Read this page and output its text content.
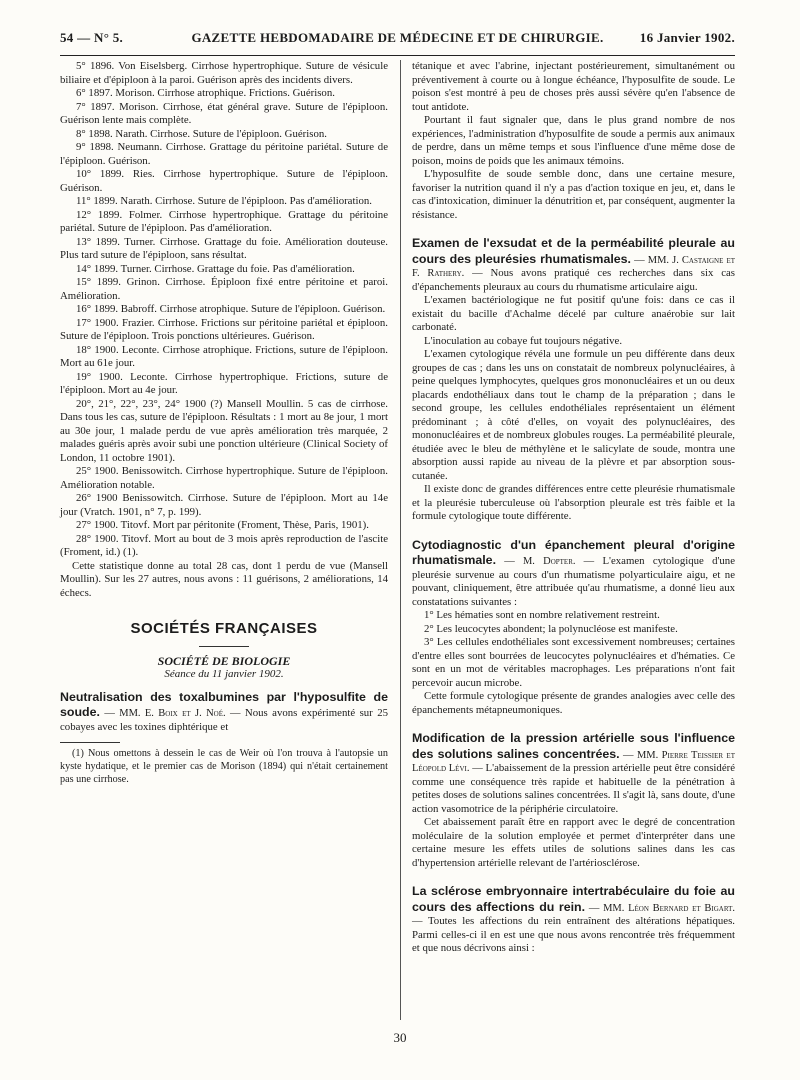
54 — N° 5.	GAZETTE HEBDOMADAIRE DE MÉDECINE ET DE CHIRURGIE.	16 Janvier 1902.

5° 1896. Von Eiselsberg. Cirrhose hypertrophique. Suture de vésicule biliaire et d'épiploon à la paroi. Guérison après des incidents divers.

6° 1897. Morison. Cirrhose atrophique. Frictions. Guérison.

7° 1897. Morison. Cirrhose, état général grave. Suture de l'épiploon. Guérison lente mais complète.

8° 1898. Narath. Cirrhose. Suture de l'épiploon. Guérison.

9° 1898. Neumann. Cirrhose. Grattage du péritoine pariétal. Suture de l'épiploon. Guérison.

10° 1899. Ries. Cirrhose hypertrophique. Suture de l'épiploon. Guérison.

11° 1899. Narath. Cirrhose. Suture de l'épiploon. Pas d'amélioration.

12° 1899. Folmer. Cirrhose hypertrophique. Grattage du péritoine pariétal. Suture de l'épiploon. Pas d'amélioration.

13° 1899. Turner. Cirrhose. Grattage du foie. Amélioration douteuse. Plus tard suture de l'épiploon, sans résultat.

14° 1899. Turner. Cirrhose. Grattage du foie. Pas d'amélioration.

15° 1899. Grinon. Cirrhose. Épiploon fixé entre péritoine et paroi. Amélioration.

16° 1899. Babroff. Cirrhose atrophique. Suture de l'épiploon. Guérison.

17° 1900. Frazier. Cirrhose. Frictions sur péritoine pariétal et épiploon. Suture de l'épiploon. Trois ponctions ultérieures. Guérison.

18° 1900. Leconte. Cirrhose atrophique. Frictions, suture de l'épiploon. Mort au 61e jour.

19° 1900. Leconte. Cirrhose hypertrophique. Frictions, suture de l'épiploon. Mort au 4e jour.

20°, 21°, 22°, 23°, 24° 1900 (?) Mansell Moullin. 5 cas de cirrhose. Dans tous les cas, suture de l'épiploon. Résultats : 1 mort au 8e jour, 1 mort au 30e jour, 1 malade perdu de vue après amélioration très marquée, 2 malades guéris après avoir subi une ponction ultérieure (Clinical Society of London, 11 octobre 1901).

25° 1900. Benissowitch. Cirrhose hypertrophique. Suture de l'épiploon. Amélioration notable.

26° 1900 Benissowitch. Cirrhose. Suture de l'épiploon. Mort au 14e jour (Vratch. 1901, n° 7, p. 199).

27° 1900. Titovf. Mort par péritonite (Froment, Thèse, Paris, 1901).

28° 1900. Titovf. Mort au bout de 3 mois après reproduction de l'ascite (Froment, id.) (1).

Cette statistique donne au total 28 cas, dont 1 perdu de vue (Mansell Moullin). Sur les 27 autres, nous avons : 11 guérisons, 2 améliorations, 14 échecs.

SOCIÉTÉS FRANÇAISES
SOCIÉTÉ DE BIOLOGIE
Séance du 11 janvier 1902.

Neutralisation des toxalbumines par l'hyposulfite de soude. — MM. E. Boix et J. Noé. — Nous avons expérimenté sur 25 cobayes avec les toxines diphtérique et

(1) Nous omettons à dessein le cas de Weir où l'on trouva à l'autopsie un kyste hydatique, et le premier cas de Morison (1894) qui n'était certainement pas une cirrhose.

tétanique et avec l'abrine, injectant postérieurement, simultanément ou préventivement à courte ou à longue échéance, l'hyposulfite de soude. Le poison s'est montré à peu de choses près aussi sévère qu'en l'absence de tout antidote.

Pourtant il faut signaler que, dans le plus grand nombre de nos expériences, l'administration d'hyposulfite de soude a permis aux animaux de perdre, dans un même temps et sous l'influence d'une même dose de poison, moins de poids que les animaux témoins.

L'hyposulfite de soude semble donc, dans une certaine mesure, favoriser la nutrition quand il n'y a pas d'action toxique en jeu, et, dans le cas d'intoxication, diminuer la dénutrition et, par conséquent, augmenter la résistance.

Examen de l'exsudat et de la perméabilité pleurale au cours des pleurésies rhumatismales. — MM. J. Castaigne et F. Rathery. — Nous avons pratiqué ces recherches dans six cas d'épanchements pleuraux au cours du rhumatisme articulaire aigu.

L'examen bactériologique ne fut positif qu'une fois: dans ce cas il existait du bacille d'Achalme décelé par culture anaérobie sur lait carbonaté.

L'inoculation au cobaye fut toujours négative.

L'examen cytologique révéla une formule un peu différente dans deux groupes de cas ; dans les uns on constatait de nombreux polynucléaires, à peine quelques lymphocytes, quelques gros mononucléaires et un ou deux placards endothéliaux dans tout le champ de la préparation ; dans le second groupe, les cellules endothéliales représentaient un élément prédominant ; à côté d'elles, on voyait des polynucléaires, des mononucléaires et de nombreux globules rouges. La perméabilité pleurale, étudiée avec le bleu de méthylène et le salicylate de soude, montra une absorption aussi rapide au niveau de la plèvre et par absorption sous-cutanée.

Il existe donc de grandes différences entre cette pleurésie rhumatismale et la pleurésie tuberculeuse où l'absorption pleurale est très faible et la formule cytologique toute différente.

Cytodiagnostic d'un épanchement pleural d'origine rhumatismale. — M. Dopter. — L'examen cytologique d'une pleurésie survenue au cours d'un rhumatisme polyarticulaire aigu, et ne pouvant, cliniquement, être attribuée qu'au rhumatisme, a donné lieu aux constatations suivantes :

1° Les hématies sont en nombre relativement restreint.

2° Les leucocytes abondent; la polynucléose est manifeste.

3° Les cellules endothéliales sont excessivement nombreuses; certaines d'entre elles sont bourrées de leucocytes polynucléaires et d'hématies. Ce sont en un mot de véritables macrophages. Les préparations n'ont fait percevoir aucun microbe.

Cette formule cytologique présente de grandes analogies avec celle des épanchements métapneumoniques.

Modification de la pression artérielle sous l'influence des solutions salines concentrées. — MM. Pierre Teissier et Léopold Lévi. — L'abaissement de la pression artérielle peut être considéré comme une conséquence très rapide et habituelle de la pénétration à petites doses de solutions salines concentrées. Il s'agit là, sans doute, d'une action vasomotrice de la périphérie circulatoire.

Cet abaissement paraît être en rapport avec le degré de concentration moléculaire de la solution employée et permet d'interpréter dans une certaine mesure les effets utiles de solutions salines dans les cas d'hypertension artérielle relevant de l'artériosclérose.

La sclérose embryonnaire intertrabéculaire du foie au cours des affections du rein. — MM. Léon Bernard et Bigart. — Toutes les affections du rein entraînent des altérations hépatiques. Parmi celles-ci il en est une que nous avons rencontrée très fréquemment et que nous décrivons ainsi :

30
